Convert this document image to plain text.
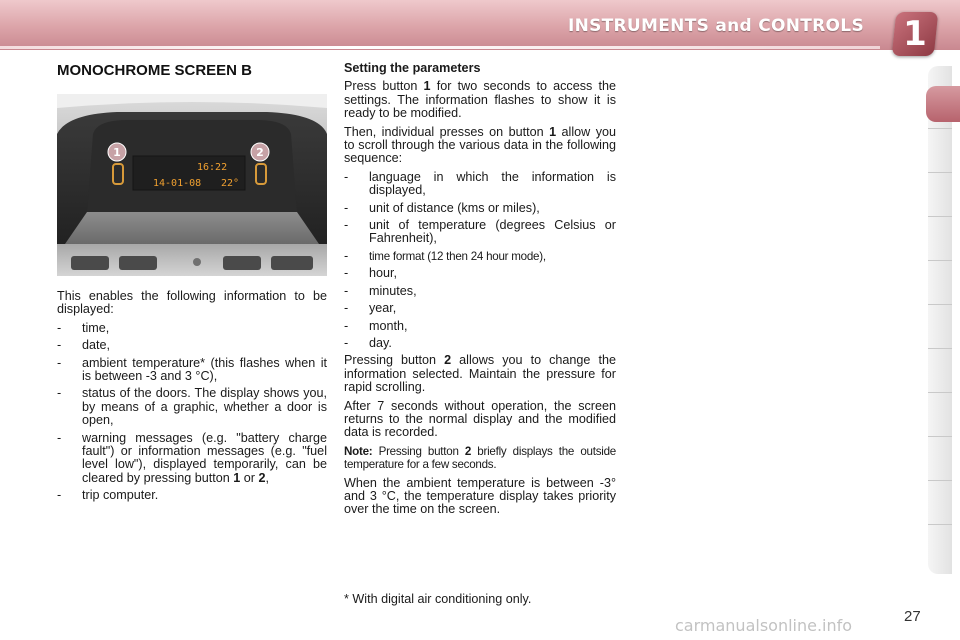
INSTRUMENTS and CONTROLS 1
MONOCHROME SCREEN B
16:22
14-01-08 22°
1	2

This enables the following information to be displayed:

- time,
- date,
- ambient temperature* (this flashes when it is between -3 and 3 °C),
- status of the doors. The display shows you, by means of a graphic, whether a door is open,
- warning messages (e.g. "battery charge fault") or information messages (e.g. "fuel level low"), displayed temporarily, can be cleared by pressing button 1 or 2,
- trip computer.

Setting the parameters

Press button 1 for two seconds to access the settings. The information flashes to show it is ready to be modified.

Then, individual presses on button 1 allow you to scroll through the various data in the following sequence:

- language in which the information is displayed,
- unit of distance (kms or miles),
- unit of temperature (degrees Celsius or Fahrenheit),
- time format (12 then 24 hour mode),
- hour,
- minutes,
- year,
- month,
- day.

Pressing button 2 allows you to change the information selected. Maintain the pressure for rapid scrolling.

After 7 seconds without operation, the screen returns to the normal display and the modified data is recorded.

Note: Pressing button 2 briefly displays the outside temperature for a few seconds.

When the ambient temperature is between -3° and 3 °C, the temperature display takes priority over the time on the screen.

* With digital air conditioning only.
27
carmanualsonline.info
